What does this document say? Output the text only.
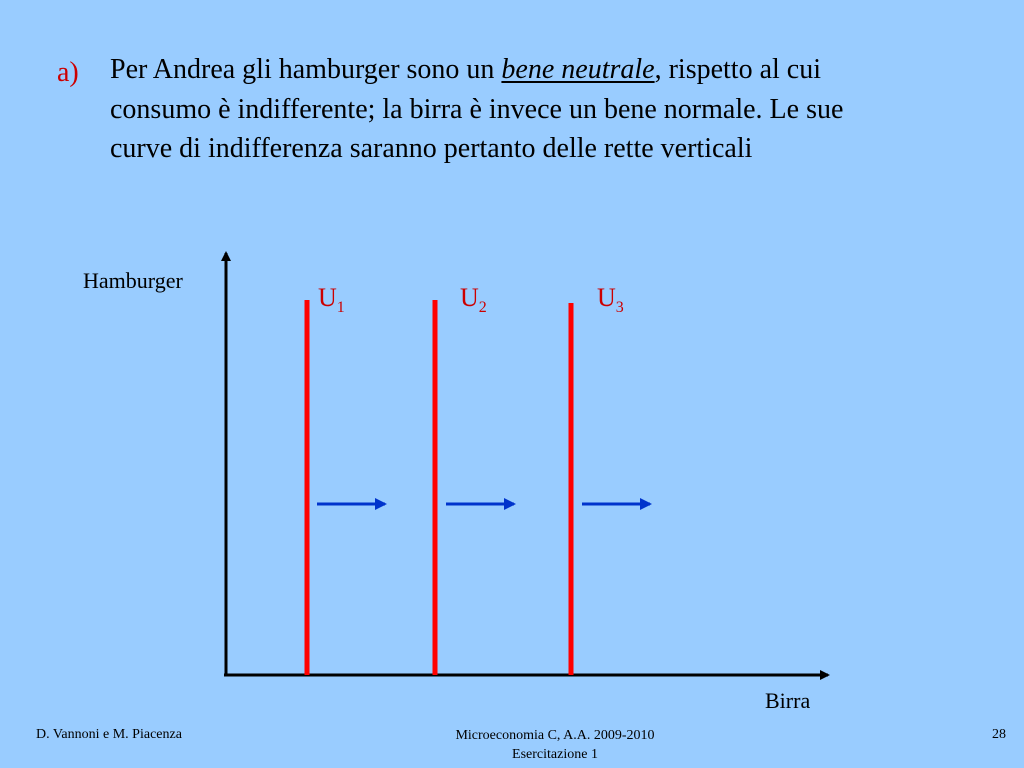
a) Per Andrea gli hamburger sono un bene neutrale, rispetto al cui consumo è indifferente; la birra è invece un bene normale. Le sue curve di indifferenza saranno pertanto delle rette verticali
Hamburger
Birra
$U_1$	$U_2$	$U_3$
D. Vannoni e M. Piacenza	Microeconomia C, A.A. 2009-2010
Esercitazione 1
28
